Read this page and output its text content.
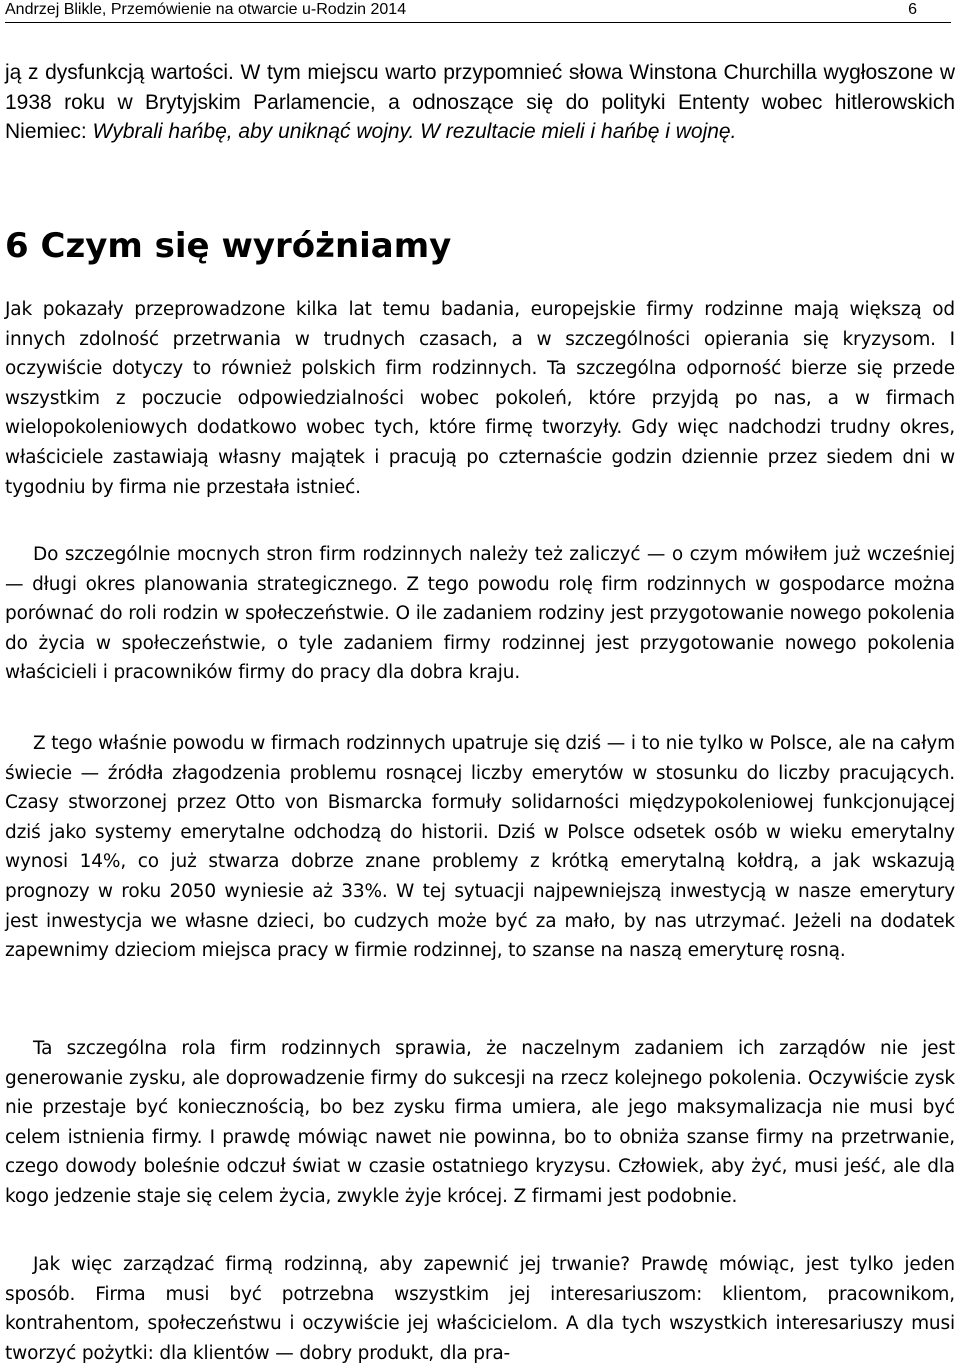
Andrzej Blikle, Przemówienie na otwarcie u-Rodzin 2014	6

ją z dysfunkcją wartości. W tym miejscu warto przypomnieć słowa Winstona Churchilla wygłoszone w 1938 roku w Brytyjskim Parlamencie, a odnoszące się do polityki Ententy wobec hitlerowskich Niemiec: Wybrali hańbę, aby uniknąć wojny. W rezultacie mieli i hańbę i wojnę.

6 Czym się wyróżniamy

Jak pokazały przeprowadzone kilka lat temu badania, europejskie firmy rodzinne mają większą od innych zdolność przetrwania w trudnych czasach, a w szczególności opierania się kryzysom. I oczywiście dotyczy to również polskich firm rodzinnych. Ta szczególna odporność bierze się przede wszystkim z poczucie odpowiedzialności wobec pokoleń, które przyjdą po nas, a w firmach wielopokoleniowych dodatkowo wobec tych, które firmę tworzyły. Gdy więc nadchodzi trudny okres, właściciele zastawiają własny majątek i pracują po czternaście godzin dziennie przez siedem dni w tygodniu by firma nie przestała istnieć.

Do szczególnie mocnych stron firm rodzinnych należy też zaliczyć — o czym mówiłem już wcześniej — długi okres planowania strategicznego. Z tego powodu rolę firm rodzinnych w gospodarce można porównać do roli rodzin w społeczeństwie. O ile zadaniem rodziny jest przygotowanie nowego pokolenia do życia w społeczeństwie, o tyle zadaniem firmy rodzinnej jest przygotowanie nowego pokolenia właścicieli i pracowników firmy do pracy dla dobra kraju.

Z tego właśnie powodu w firmach rodzinnych upatruje się dziś — i to nie tylko w Polsce, ale na całym świecie — źródła złagodzenia problemu rosnącej liczby emerytów w stosunku do liczby pracujących. Czasy stworzonej przez Otto von Bismarcka formuły solidarności międzypokoleniowej funkcjonującej dziś jako systemy emerytalne odchodzą do historii. Dziś w Polsce odsetek osób w wieku emerytalny wynosi 14%, co już stwarza dobrze znane problemy z krótką emerytalną kołdrą, a jak wskazują prognozy w roku 2050 wyniesie aż 33%. W tej sytuacji najpewniejszą inwestycją w nasze emerytury jest inwestycja we własne dzieci, bo cudzych może być za mało, by nas utrzymać. Jeżeli na dodatek zapewnimy dzieciom miejsca pracy w firmie rodzinnej, to szanse na naszą emeryturę rosną.

Ta szczególna rola firm rodzinnych sprawia, że naczelnym zadaniem ich zarządów nie jest generowanie zysku, ale doprowadzenie firmy do sukcesji na rzecz kolejnego pokolenia. Oczywiście zysk nie przestaje być koniecznością, bo bez zysku firma umiera, ale jego maksymalizacja nie musi być celem istnienia firmy. I prawdę mówiąc nawet nie powinna, bo to obniża szanse firmy na przetrwanie, czego dowody boleśnie odczuł świat w czasie ostatniego kryzysu. Człowiek, aby żyć, musi jeść, ale dla kogo jedzenie staje się celem życia, zwykle żyje krócej. Z firmami jest podobnie.

Jak więc zarządzać firmą rodzinną, aby zapewnić jej trwanie? Prawdę mówiąc, jest tylko jeden sposób. Firma musi być potrzebna wszystkim jej interesariuszom: klientom, pracownikom, kontrahentom, społeczeństwu i oczywiście jej właścicielom. A dla tych wszystkich interesariuszy musi tworzyć pożytki: dla klientów — dobry produkt, dla pra-
